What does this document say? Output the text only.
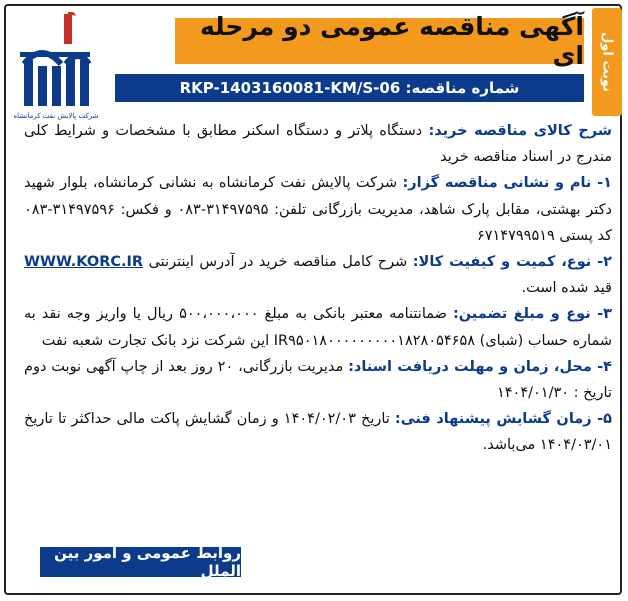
نوبت اول
آگهی مناقصه عمومی دو مرحله ای
شماره مناقصه: RKP-1403160081-KM/S-06
شرکت پالایش نفت کرمانشاه

شرح کالای مناقصه خرید: دستگاه پلاتر و دستگاه اسکنر مطابق با مشخصات و شرایط کلی مندرج در اسناد مناقصه خرید

۱- نام و نشانی مناقصه گزار: شرکت پالایش نفت کرمانشاه به نشانی کرمانشاه، بلوار شهید دکتر بهشتی، مقابل پارک شاهد، مدیریت بازرگانی تلفن: ۳۱۴۹۷۵۹۵-۰۸۳ و فکس: ۳۱۴۹۷۵۹۶-۰۸۳ کد پستی ۶۷۱۴۷۹۹۵۱۹

۲- نوع، کمیت و کیفیت کالا: شرح کامل مناقصه خرید در آدرس اینترنتی WWW.KORC.IR قید شده است.

۳- نوع و مبلغ تضمین: ضمانتنامه معتبر بانکی به مبلغ ۵۰۰،۰۰۰،۰۰۰ ریال یا واریز وجه نقد به شماره حساب (شبای) IR۹۵۰۱۸۰۰۰۰۰۰۰۰۰۱۸۲۸۰۵۴۶۵۸ این شرکت نزد بانک تجارت شعبه نفت

۴- محل، زمان و مهلت دریافت اسناد: مدیریت بازرگانی، ۲۰ روز بعد از چاپ آگهی نوبت دوم تاریخ : ۱۴۰۴/۰۱/۳۰

۵- زمان گشایش پیشنهاد فنی: تاریخ ۱۴۰۴/۰۲/۰۳ و زمان گشایش پاکت مالی حداکثر تا تاریخ ۱۴۰۴/۰۳/۰۱ می‌باشد.

روابط عمومی و امور بین الملل
